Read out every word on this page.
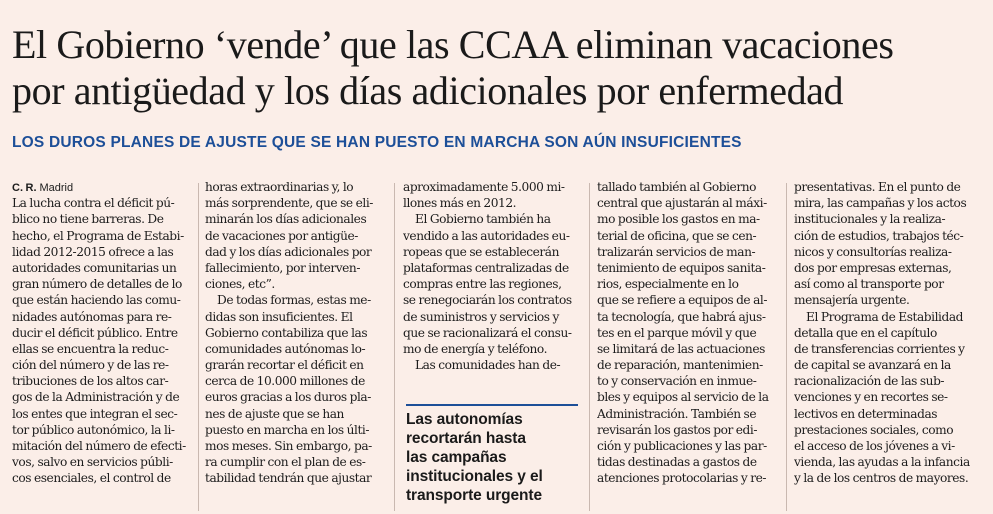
El Gobierno ‘vende’ que las CCAA eliminan vacaciones
por antigüedad y los días adicionales por enfermedad
LOS DUROS PLANES DE AJUSTE QUE SE HAN PUESTO EN MARCHA SON AÚN INSUFICIENTES
C. R. Madrid
La lucha contra el déficit pú-
blico no tiene barreras. De
hecho, el Programa de Estabi-
lidad 2012-2015 ofrece a las
autoridades comunitarias un
gran número de detalles de lo
que están haciendo las comu-
nidades autónomas para re-
ducir el déficit público. Entre
ellas se encuentra la reduc-
ción del número y de las re-
tribuciones de los altos car-
gos de la Administración y de
los entes que integran el sec-
tor público autonómico, la li-
mitación del número de efecti-
vos, salvo en servicios públi-
cos esenciales, el control de
horas extraordinarias y, lo
más sorprendente, que se eli-
minarán los días adicionales
de vacaciones por antigüe-
dad y los días adicionales por
fallecimiento, por interven-
ciones, etc”.
De todas formas, estas me-
didas son insuficientes. El
Gobierno contabiliza que las
comunidades autónomas lo-
grarán recortar el déficit en
cerca de 10.000 millones de
euros gracias a los duros pla-
nes de ajuste que se han
puesto en marcha en los últi-
mos meses. Sin embargo, pa-
ra cumplir con el plan de es-
tabilidad tendrán que ajustar
aproximadamente 5.000 mi-
llones más en 2012.
El Gobierno también ha
vendido a las autoridades eu-
ropeas que se establecerán
plataformas centralizadas de
compras entre las regiones,
se renegociarán los contratos
de suministros y servicios y
que se racionalizará el consu-
mo de energía y teléfono.
Las comunidades han de-
Las autonomías
recortarán hasta
las campañas
institucionales y el
transporte urgente
tallado también al Gobierno
central que ajustarán al máxi-
mo posible los gastos en ma-
terial de oficina, que se cen-
tralizarán servicios de man-
tenimiento de equipos sanita-
rios, especialmente en lo
que se refiere a equipos de al-
ta tecnología, que habrá ajus-
tes en el parque móvil y que
se limitará de las actuaciones
de reparación, mantenimien-
to y conservación en inmue-
bles y equipos al servicio de la
Administración. También se
revisarán los gastos por edi-
ción y publicaciones y las par-
tidas destinadas a gastos de
atenciones protocolarias y re-
presentativas. En el punto de
mira, las campañas y los actos
institucionales y la realiza-
ción de estudios, trabajos téc-
nicos y consultorías realiza-
dos por empresas externas,
así como al transporte por
mensajería urgente.
El Programa de Estabilidad
detalla que en el capítulo
de transferencias corrientes y
de capital se avanzará en la
racionalización de las sub-
venciones y en recortes se-
lectivos en determinadas
prestaciones sociales, como
el acceso de los jóvenes a vi-
vienda, las ayudas a la infancia
y la de los centros de mayores.
